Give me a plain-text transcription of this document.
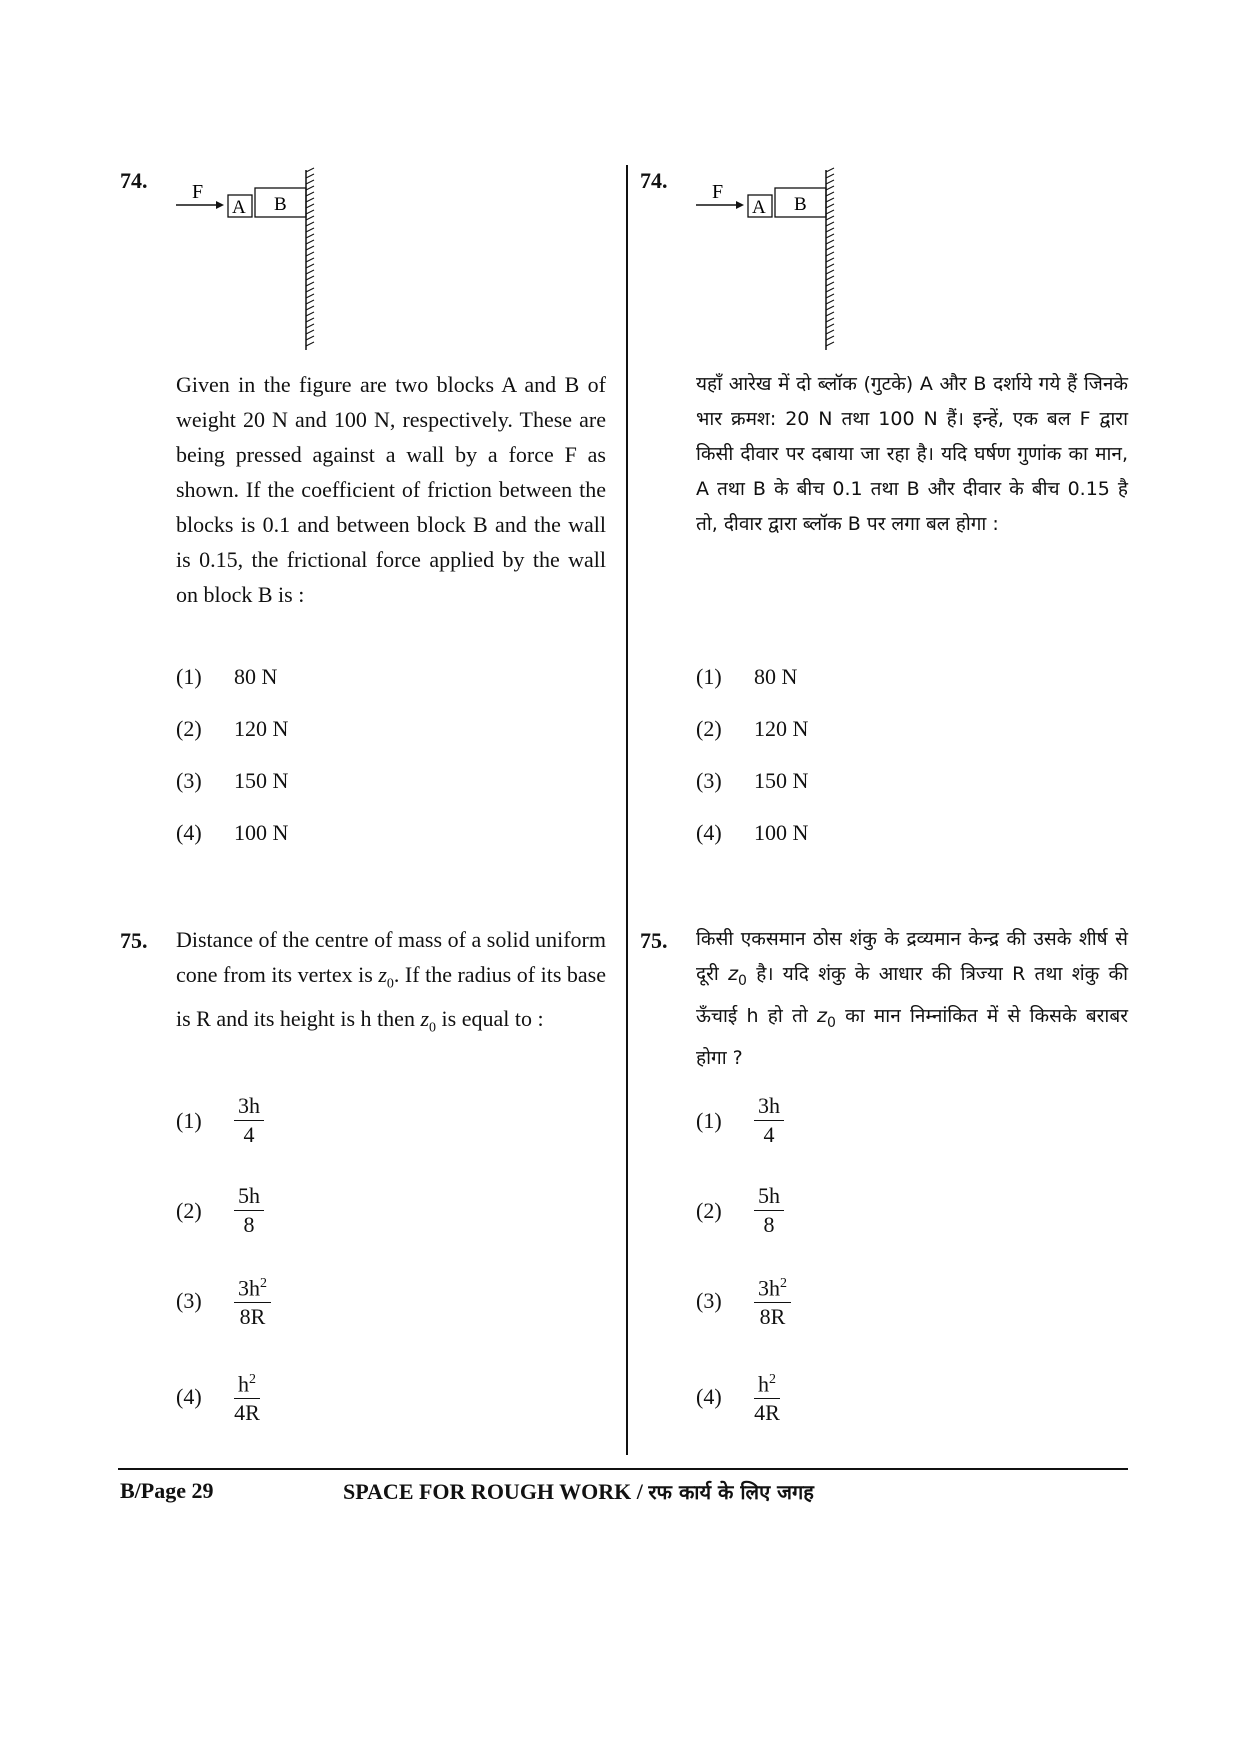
74. F
A B
Given in the figure are two blocks A and B of weight 20 N and 100 N, respectively. These are being pressed against a wall by a force F as shown. If the coefficient of friction between the blocks is 0.1 and between block B and the wall is 0.15, the frictional force applied by the wall on block B is :
(1)	80 N
(2)	120 N
(3)	150 N
(4)	100 N
75. Distance of the centre of mass of a solid uniform cone from its vertex is $z_0$. If the radius of its base is R and its height is h then $z_0$ is equal to :
(1)	$\frac{3h}{4}$
(2)	$\frac{5h}{8}$
(3)	$\frac{3h^2}{8R}$
(4)	$\frac{h^2}{4R}$
74. F
A B
यहाँ आरेख में दो ब्लॉक (गुटके) A और B दर्शाये गये हैं जिनके भार क्रमश: 20 N तथा 100 N हैं। इन्हें, एक बल F द्वारा किसी दीवार पर दबाया जा रहा है। यदि घर्षण गुणांक का मान, A तथा B के बीच 0.1 तथा B और दीवार के बीच 0.15 है तो, दीवार द्वारा ब्लॉक B पर लगा बल होगा :
(1)	80 N
(2)	120 N
(3)	150 N
(4)	100 N
75. किसी एकसमान ठोस शंकु के द्रव्यमान केन्द्र की उसके शीर्ष से दूरी $z_0$ है। यदि शंकु के आधार की त्रिज्या R तथा शंकु की ऊँचाई h हो तो $z_0$ का मान निम्नांकित में से किसके बराबर होगा ?
(1)	$\frac{3h}{4}$
(2)	$\frac{5h}{8}$
(3)	$\frac{3h^2}{8R}$
(4)	$\frac{h^2}{4R}$
B/Page 29	SPACE FOR ROUGH WORK / रफ कार्य के लिए जगह
